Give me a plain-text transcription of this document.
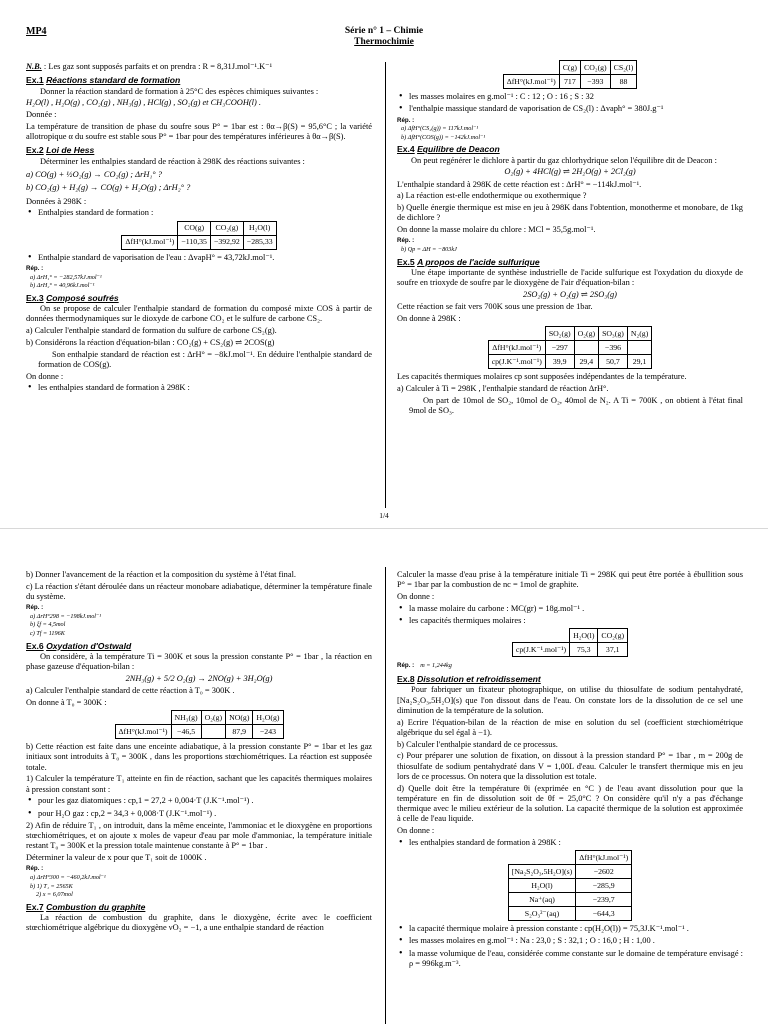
Série n° 1 – Chimie
Thermochimie
MP4

N.B. : Les gaz sont supposés parfaits et on prendra : R = 8,31J.mol⁻¹.K⁻¹

Ex.1 Réactions standard de formation

Donner la réaction standard de formation à 25°C des espèces chimiques suivantes :

H₂O(l) , H₂O(g) , CO₂(g) , NH₃(g) , HCl(g) , SO₂(g) et CH₃COOH(l) .

Donnée :

La température de transition de phase du soufre sous P° = 1bar est : θα→β(S) = 95,6°C ; la variété allotropique α du soufre est stable sous P° = 1bar pour des températures inférieures à θα→β(S).

Ex.2 Loi de Hess

Déterminer les enthalpies standard de réaction à 298K des réactions suivantes :

a) CO(g) + ½O₂(g) → CO₂(g) ; ΔrH₁° ?

b) CO₂(g) + H₂(g) → CO(g) + H₂O(g) ; ΔrH₂° ?

Données à 298K :

• Enthalpies standard de formation :
	CO(g)	CO₂(g)	H₂O(l)
ΔfH°(kJ.mol⁻¹)	−110,35	−392,92	−285,33
• Enthalpie standard de vaporisation de l'eau : ΔvapH° = 43,72kJ.mol⁻¹.
Rép. :
a) ΔrH₁° = −282,57kJ.mol⁻¹
b) ΔrH₂° = 40,96kJ.mol⁻¹
Ex.3 Composé soufrés

On se propose de calculer l'enthalpie standard de formation du composé mixte COS à partir de données thermodynamiques sur le dioxyde de carbone CO₂ et le sulfure de carbone CS₂.

a) Calculer l'enthalpie standard de formation du sulfure de carbone CS₂(g).

b) Considérons la réaction d'équation-bilan : CO₂(g) + CS₂(g) ⇌ 2COS(g)

Son enthalpie standard de réaction est : ΔrH° = −8kJ.mol⁻¹. En déduire l'enthalpie standard de formation de COS(g).

On donne :

• les enthalpies standard de formation à 298K :
	C(g)	CO₂(g)	CS₂(l)
ΔfH°(kJ.mol⁻¹)	717	−393	88
• les masses molaires en g.mol⁻¹ : C : 12 ; O : 16 ; S : 32
• l'enthalpie massique standard de vaporisation de CS₂(l) : Δvaph° = 380J.g⁻¹
Rép. :
a) ΔfH°(CS₂(g)) = 117kJ.mol⁻¹
b) ΔfH°(COS(g)) = −142kJ.mol⁻¹
Ex.4 Equilibre de Deacon

On peut regénérer le dichlore à partir du gaz chlorhydrique selon l'équilibre dit de Deacon :

O₂(g) + 4HCl(g) ⇌ 2H₂O(g) + 2Cl₂(g)

L'enthalpie standard à 298K de cette réaction est : ΔrH° = −114kJ.mol⁻¹.

a) La réaction est-elle endothermique ou exothermique ?

b) Quelle énergie thermique est mise en jeu à 298K dans l'obtention, monotherme et monobare, de 1kg de dichlore ?

On donne la masse molaire du chlore : MCl = 35,5g.mol⁻¹.

Rép. :
b) Qp = ΔH = −803kJ
Ex.5 A propos de l'acide sulfurique

Une étape importante de synthèse industrielle de l'acide sulfurique est l'oxydation du dioxyde de soufre en trioxyde de soufre par le dioxygène de l'air d'équation-bilan :

2SO₂(g) + O₂(g) ⇌ 2SO₃(g)

Cette réaction se fait vers 700K sous une pression de 1bar.

On donne à 298K :

	SO₂(g)	O₂(g)	SO₃(g)	N₂(g)
ΔfH°(kJ.mol⁻¹)	−297		−396	
cp(J.K⁻¹.mol⁻¹)	39,9	29,4	50,7	29,1

Les capacités thermiques molaires cp sont supposées indépendantes de la température.

a) Calculer à Ti = 298K , l'enthalpie standard de réaction ΔrH°.

On part de 10mol de SO₂, 10mol de O₂, 40mol de N₂. A Ti = 700K , on obtient à l'état final 9mol de SO₃.

1/4

b) Donner l'avancement de la réaction et la composition du système à l'état final.

c) La réaction s'étant déroulée dans un réacteur monobare adiabatique, déterminer la température finale du système.

Rép. :
a) ΔrH°298 = −198kJ.mol⁻¹
b) ξf = 4,5mol
c) Tf = 1196K
Ex.6 Oxydation d'Ostwald

On considère, à la température Ti = 300K et sous la pression constante P° = 1bar , la réaction en phase gazeuse d'équation-bilan :

2NH₃(g) + 5/2 O₂(g) → 2NO(g) + 3H₂O(g)

a) Calculer l'enthalpie standard de cette réaction à T₀ = 300K .

On donne à T₀ = 300K :

	NH₃(g)	O₂(g)	NO(g)	H₂O(g)
ΔfH°(kJ.mol⁻¹)	−46,5		87,9	−243

b) Cette réaction est faite dans une enceinte adiabatique, à la pression constante P° = 1bar et les gaz initiaux sont introduits à T₀ = 300K , dans les proportions stœchiométriques. La réaction est supposée totale.

1) Calculer la température T₁ atteinte en fin de réaction, sachant que les capacités thermiques molaires à pression constant sont :

• pour les gaz diatomiques : cp,1 = 27,2 + 0,004·T (J.K⁻¹.mol⁻¹) .
• pour H₂O gaz : cp,2 = 34,3 + 0,008·T (J.K⁻¹.mol⁻¹) .

2) Afin de réduire T₁ , on introduit, dans la même enceinte, l'ammoniac et le dioxygène en proportions stœchiométriques, et on ajoute x moles de vapeur d'eau par mole d'ammoniac, la température initiale restant T₀ = 300K et la pression totale maintenue constante à P° = 1bar .

Déterminer la valeur de x pour que T₁ soit de 1000K .

Rép. :
a) ΔrH°300 = −460,2kJ.mol⁻¹
b) 1) T₁ = 2565K
2) x = 6,07mol
Ex.7 Combustion du graphite

La réaction de combustion du graphite, dans le dioxygène, écrite avec le coefficient stœchiométrique algébrique du dioxygène νO₂ = −1, a une enthalpie standard de réaction

Calculer la masse d'eau prise à la température initiale Ti = 298K qui peut être portée à ébullition sous P° = 1bar par la combustion de nc = 1mol de graphite.

On donne :

• la masse molaire du carbone : MC(gr) = 18g.mol⁻¹ .
• les capacités thermiques molaires :
	H₂O(l)	CO₂(g)
cp(J.K⁻¹.mol⁻¹)	75,3	37,1
Rép. : m = 1,244kg
Ex.8 Dissolution et refroidissement

Pour fabriquer un fixateur photographique, on utilise du thiosulfate de sodium pentahydraté, [Na₂S₂O₃,5H₂O](s) que l'on dissout dans de l'eau. On constate lors de la dissolution de ce sel une diminution de la température de la solution.

a) Ecrire l'équation-bilan de la réaction de mise en solution du sel (coefficient stœchiométrique algébrique du sel égal à −1).

b) Calculer l'enthalpie standard de ce processus.

c) Pour préparer une solution de fixation, on dissout à la pression standard P° = 1bar , m = 200g de thiosulfate de sodium pentahydraté dans V = 1,00L d'eau. Calculer le transfert thermique mis en jeu lors de ce processus. On notera que la dissolution est totale.

d) Quelle doit être la température θi (exprimée en °C ) de l'eau avant dissolution pour que la température en fin de dissolution soit de θf = 25,0°C ? On considère qu'il n'y a pas d'échange thermique avec le milieu extérieur de la solution. La capacité thermique de la solution est approximée à celle de l'eau liquide.

On donne :

• les enthalpies standard de formation à 298K :
	ΔfH°(kJ.mol⁻¹)
[Na₂S₂O₃,5H₂O](s)	−2602
H₂O(l)	−285,9
Na⁺(aq)	−239,7
S₂O₃²⁻(aq)	−644,3
• la capacité thermique molaire à pression constante : cp(H₂O(l)) = 75,3J.K⁻¹.mol⁻¹ .
• les masses molaires en g.mol⁻¹ : Na : 23,0 ; S : 32,1 ; O : 16,0 ; H : 1,00 .
• la masse volumique de l'eau, considérée comme constante sur le domaine de température envisagé : ρ = 996kg.m⁻³.
